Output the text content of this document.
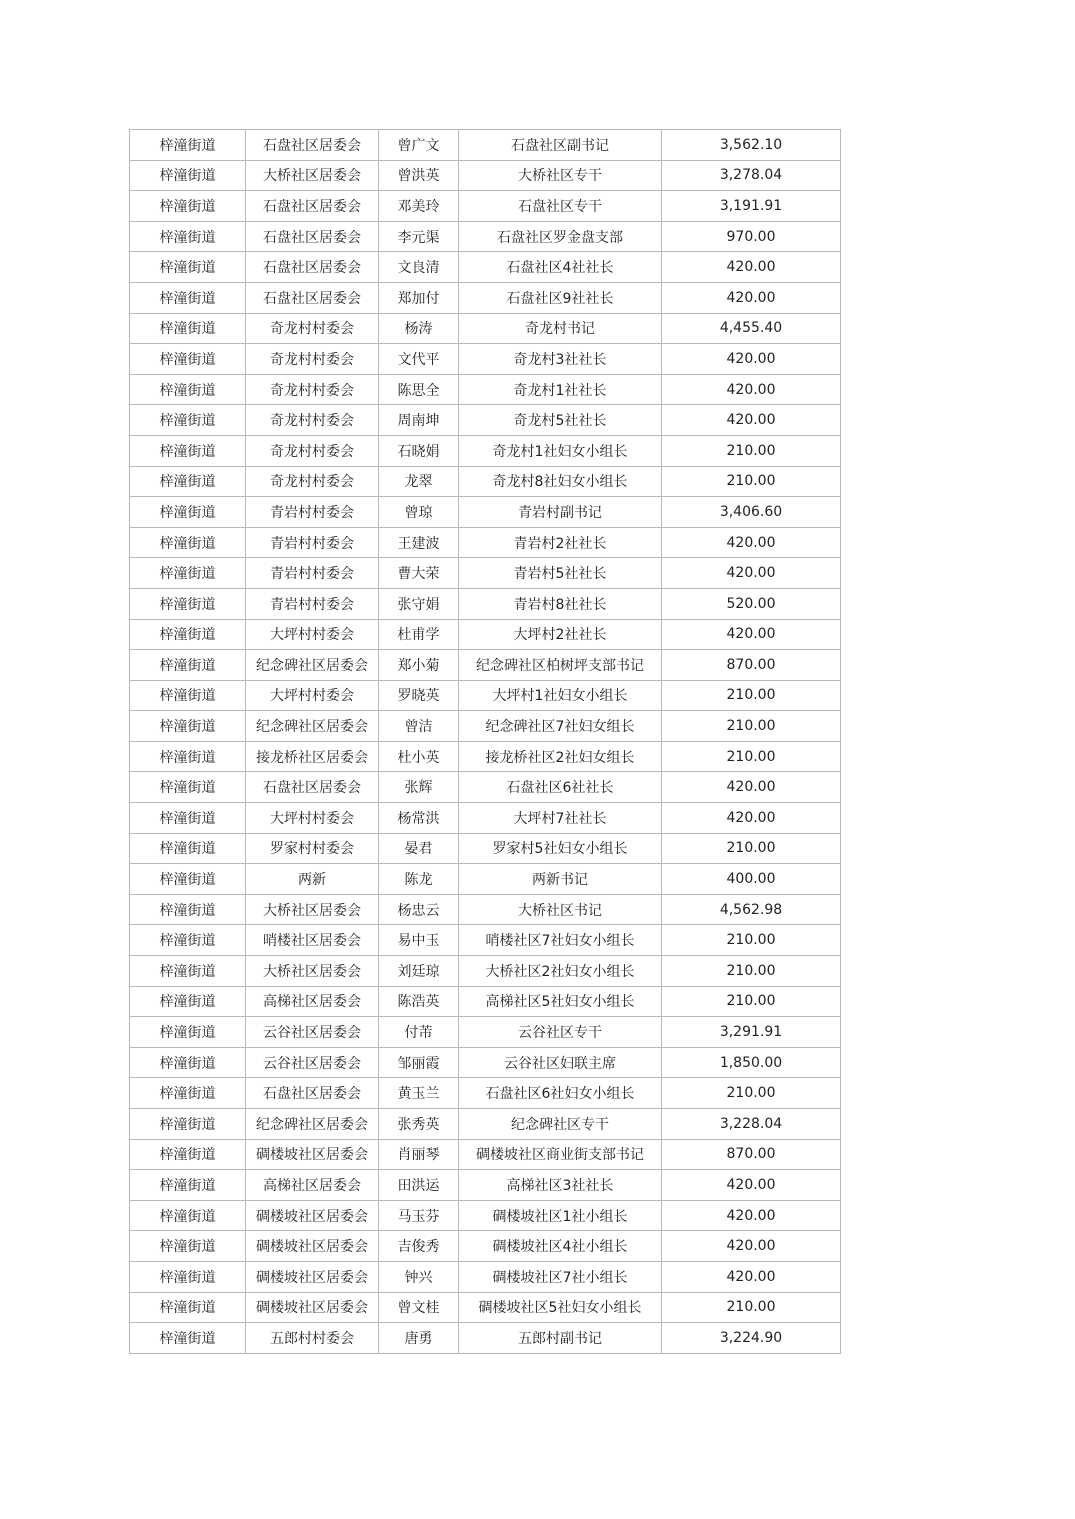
梓潼街道	石盘社区居委会	曾广文	石盘社区副书记	3,562.10
梓潼街道	大桥社区居委会	曾洪英	大桥社区专干	3,278.04
梓潼街道	石盘社区居委会	邓美玲	石盘社区专干	3,191.91
梓潼街道	石盘社区居委会	李元渠	石盘社区罗金盘支部	970.00
梓潼街道	石盘社区居委会	文良清	石盘社区4社社长	420.00
梓潼街道	石盘社区居委会	郑加付	石盘社区9社社长	420.00
梓潼街道	奇龙村村委会	杨涛	奇龙村书记	4,455.40
梓潼街道	奇龙村村委会	文代平	奇龙村3社社长	420.00
梓潼街道	奇龙村村委会	陈思全	奇龙村1社社长	420.00
梓潼街道	奇龙村村委会	周南坤	奇龙村5社社长	420.00
梓潼街道	奇龙村村委会	石晓娟	奇龙村1社妇女小组长	210.00
梓潼街道	奇龙村村委会	龙翠	奇龙村8社妇女小组长	210.00
梓潼街道	青岩村村委会	曾琼	青岩村副书记	3,406.60
梓潼街道	青岩村村委会	王建波	青岩村2社社长	420.00
梓潼街道	青岩村村委会	曹大荣	青岩村5社社长	420.00
梓潼街道	青岩村村委会	张守娟	青岩村8社社长	520.00
梓潼街道	大坪村村委会	杜甫学	大坪村2社社长	420.00
梓潼街道	纪念碑社区居委会	郑小菊	纪念碑社区柏树坪支部书记	870.00
梓潼街道	大坪村村委会	罗晓英	大坪村1社妇女小组长	210.00
梓潼街道	纪念碑社区居委会	曾洁	纪念碑社区7社妇女组长	210.00
梓潼街道	接龙桥社区居委会	杜小英	接龙桥社区2社妇女组长	210.00
梓潼街道	石盘社区居委会	张辉	石盘社区6社社长	420.00
梓潼街道	大坪村村委会	杨常洪	大坪村7社社长	420.00
梓潼街道	罗家村村委会	晏君	罗家村5社妇女小组长	210.00
梓潼街道	两新	陈龙	两新书记	400.00
梓潼街道	大桥社区居委会	杨忠云	大桥社区书记	4,562.98
梓潼街道	哨楼社区居委会	易中玉	哨楼社区7社妇女小组长	210.00
梓潼街道	大桥社区居委会	刘廷琼	大桥社区2社妇女小组长	210.00
梓潼街道	高梯社区居委会	陈浩英	高梯社区5社妇女小组长	210.00
梓潼街道	云谷社区居委会	付芾	云谷社区专干	3,291.91
梓潼街道	云谷社区居委会	邹丽霞	云谷社区妇联主席	1,850.00
梓潼街道	石盘社区居委会	黄玉兰	石盘社区6社妇女小组长	210.00
梓潼街道	纪念碑社区居委会	张秀英	纪念碑社区专干	3,228.04
梓潼街道	碉楼坡社区居委会	肖丽琴	碉楼坡社区商业街支部书记	870.00
梓潼街道	高梯社区居委会	田洪运	高梯社区3社社长	420.00
梓潼街道	碉楼坡社区居委会	马玉芬	碉楼坡社区1社小组长	420.00
梓潼街道	碉楼坡社区居委会	吉俊秀	碉楼坡社区4社小组长	420.00
梓潼街道	碉楼坡社区居委会	钟兴	碉楼坡社区7社小组长	420.00
梓潼街道	碉楼坡社区居委会	曾文桂	碉楼坡社区5社妇女小组长	210.00
梓潼街道	五郎村村委会	唐勇	五郎村副书记	3,224.90
